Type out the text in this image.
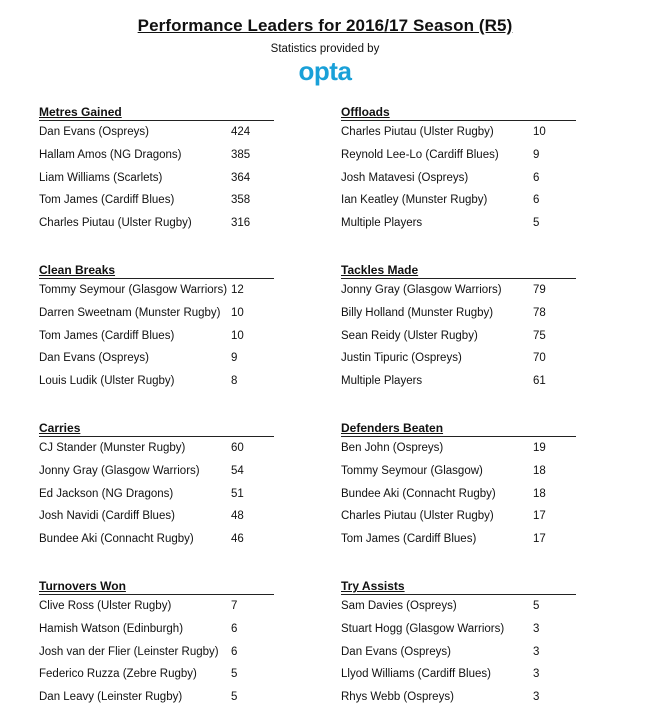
Performance Leaders for 2016/17 Season (R5)
Statistics provided by
opta
Metres Gained
Dan Evans (Ospreys)	424
Hallam Amos (NG Dragons)	385
Liam Williams (Scarlets)	364
Tom James (Cardiff Blues)	358
Charles Piutau (Ulster Rugby)	316
Offloads
Charles Piutau (Ulster Rugby)	10
Reynold Lee-Lo (Cardiff Blues)	9
Josh Matavesi (Ospreys)	6
Ian Keatley (Munster Rugby)	6
Multiple Players	5
Clean Breaks
Tommy Seymour (Glasgow Warriors) 12
Darren Sweetnam (Munster Rugby) 10
Tom James (Cardiff Blues)	10
Dan Evans (Ospreys)	9
Louis Ludik (Ulster Rugby)	8
Tackles Made
Jonny Gray (Glasgow Warriors)	79
Billy Holland (Munster Rugby)	78
Sean Reidy (Ulster Rugby)	75
Justin Tipuric (Ospreys)	70
Multiple Players	61
Carries
CJ Stander (Munster Rugby)	60
Jonny Gray (Glasgow Warriors)	54
Ed Jackson (NG Dragons)	51
Josh Navidi (Cardiff Blues)	48
Bundee Aki (Connacht Rugby)	46
Defenders Beaten
Ben John (Ospreys)	19
Tommy Seymour (Glasgow)	18
Bundee Aki (Connacht Rugby)	18
Charles Piutau (Ulster Rugby)	17
Tom James (Cardiff Blues)	17
Turnovers Won
Clive Ross (Ulster Rugby)	7
Hamish Watson (Edinburgh)	6
Josh van der Flier (Leinster Rugby) 6
Federico Ruzza (Zebre Rugby)	5
Dan Leavy (Leinster Rugby)	5
Try Assists
Sam Davies (Ospreys)	5
Stuart Hogg (Glasgow Warriors)	3
Dan Evans (Ospreys)	3
Llyod Williams (Cardiff Blues)	3
Rhys Webb (Ospreys)	3
